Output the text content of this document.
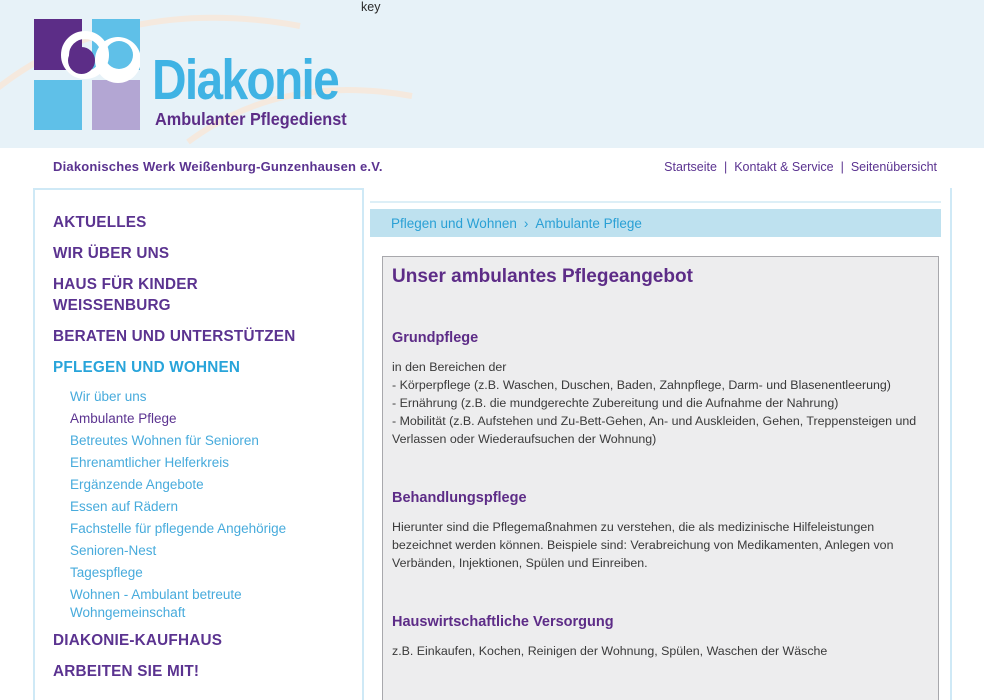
key
Diakonie
Ambulanter Pflegedienst
Diakonisches Werk Weißenburg-Gunzenhausen e.V.	Startseite | Kontakt & Service | Seitenübersicht
AKTUELLES
WIR ÜBER UNS
HAUS FÜR KINDER WEISSENBURG
BERATEN UND UNTERSTÜTZEN
PFLEGEN UND WOHNEN
Wir über uns
Ambulante Pflege
Betreutes Wohnen für Senioren
Ehrenamtlicher Helferkreis
Ergänzende Angebote
Essen auf Rädern
Fachstelle für pflegende Angehörige
Senioren-Nest
Tagespflege
Wohnen - Ambulant betreute Wohngemeinschaft
DIAKONIE-KAUFHAUS
ARBEITEN SIE MIT!
Pflegen und Wohnen › Ambulante Pflege
Unser ambulantes Pflegeangebot
Grundpflege
in den Bereichen der
- Körperpflege (z.B. Waschen, Duschen, Baden, Zahnpflege, Darm- und Blasenentleerung)
- Ernährung (z.B. die mundgerechte Zubereitung und die Aufnahme der Nahrung)
- Mobilität (z.B. Aufstehen und Zu-Bett-Gehen, An- und Auskleiden, Gehen, Treppensteigen und Verlassen oder Wiederaufsuchen der Wohnung)
Behandlungspflege
Hierunter sind die Pflegemaßnahmen zu verstehen, die als medizinische Hilfeleistungen bezeichnet werden können. Beispiele sind: Verabreichung von Medikamenten, Anlegen von Verbänden, Injektionen, Spülen und Einreiben.
Hauswirtschaftliche Versorgung
z.B. Einkaufen, Kochen, Reinigen der Wohnung, Spülen, Waschen der Wäsche
